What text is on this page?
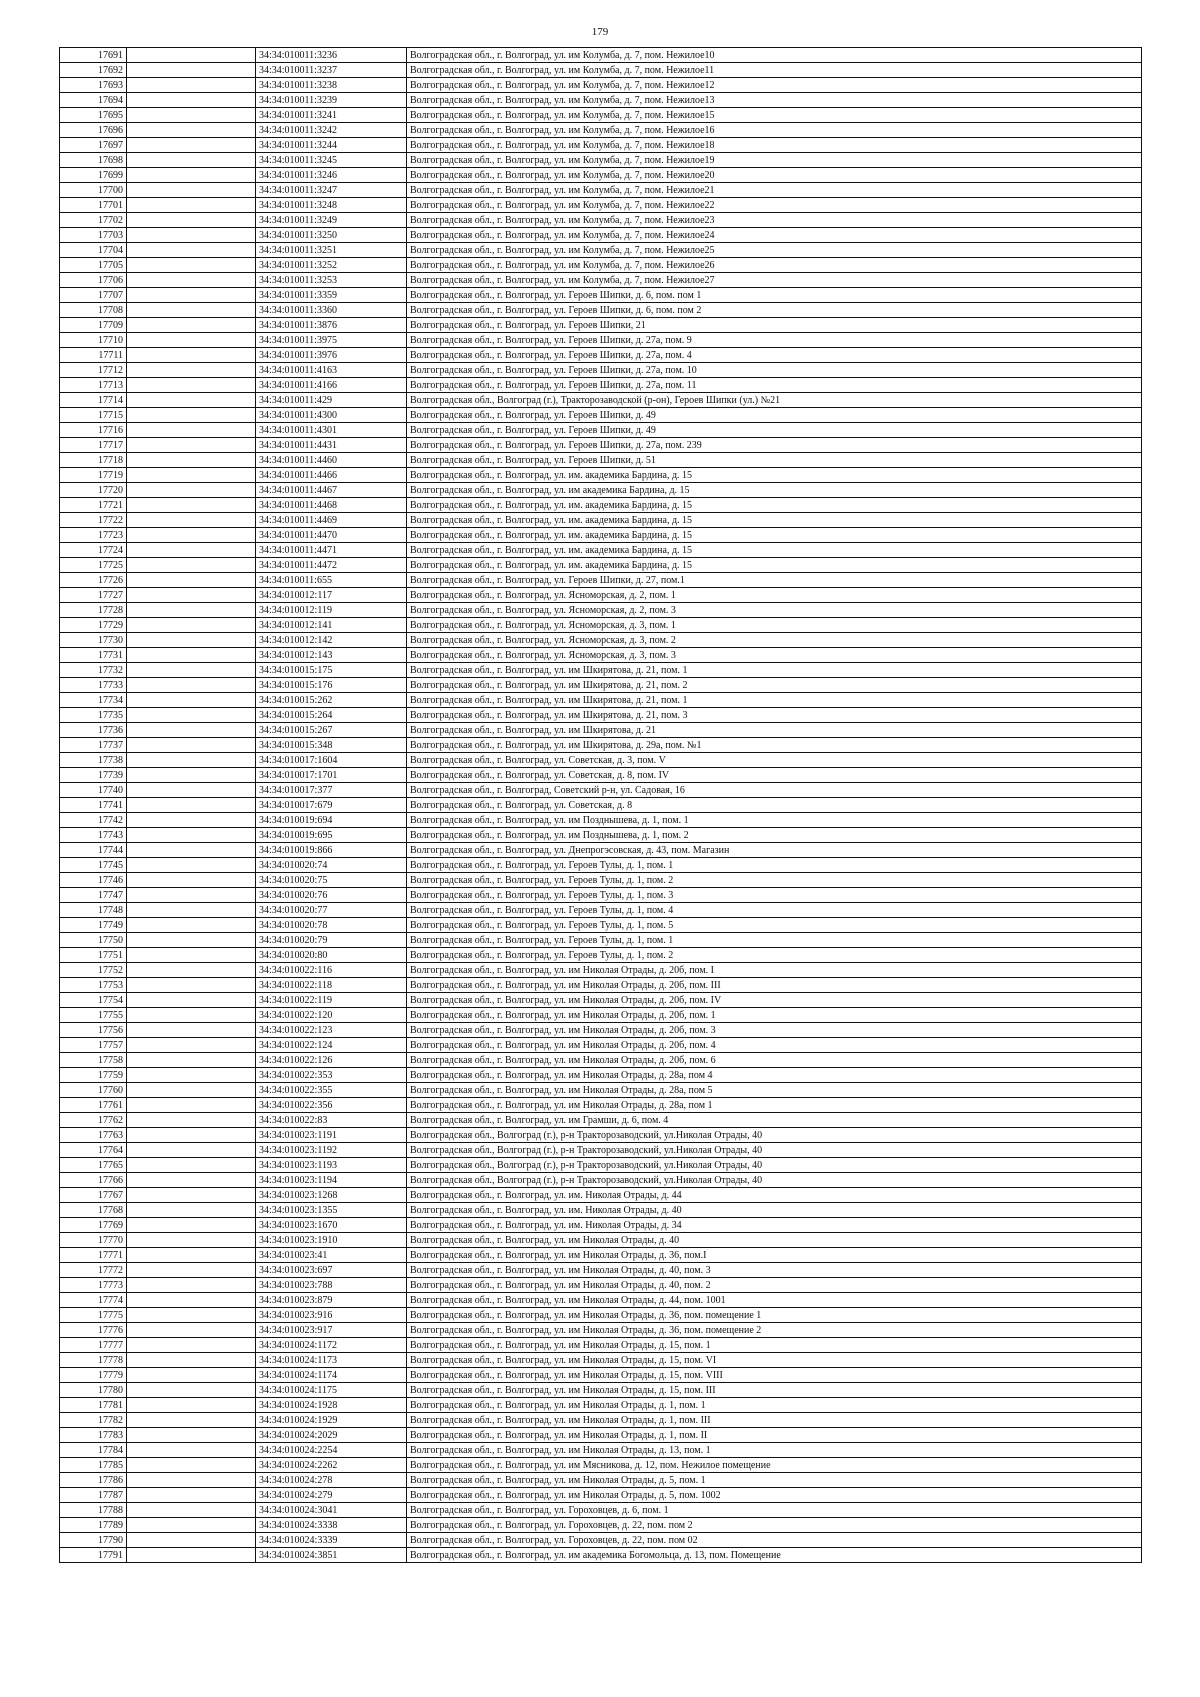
179
17691		34:34:010011:3236	Волгоградская обл., г. Волгоград, ул. им Колумба, д. 7, пом. Нежилое10
17692		34:34:010011:3237	Волгоградская обл., г. Волгоград, ул. им Колумба, д. 7, пом. Нежилое11
17693		34:34:010011:3238	Волгоградская обл., г. Волгоград, ул. им Колумба, д. 7, пом. Нежилое12
17694		34:34:010011:3239	Волгоградская обл., г. Волгоград, ул. им Колумба, д. 7, пом. Нежилое13
17695		34:34:010011:3241	Волгоградская обл., г. Волгоград, ул. им Колумба, д. 7, пом. Нежилое15
17696		34:34:010011:3242	Волгоградская обл., г. Волгоград, ул. им Колумба, д. 7, пом. Нежилое16
17697		34:34:010011:3244	Волгоградская обл., г. Волгоград, ул. им Колумба, д. 7, пом. Нежилое18
17698		34:34:010011:3245	Волгоградская обл., г. Волгоград, ул. им Колумба, д. 7, пом. Нежилое19
17699		34:34:010011:3246	Волгоградская обл., г. Волгоград, ул. им Колумба, д. 7, пом. Нежилое20
17700		34:34:010011:3247	Волгоградская обл., г. Волгоград, ул. им Колумба, д. 7, пом. Нежилое21
17701		34:34:010011:3248	Волгоградская обл., г. Волгоград, ул. им Колумба, д. 7, пом. Нежилое22
17702		34:34:010011:3249	Волгоградская обл., г. Волгоград, ул. им Колумба, д. 7, пом. Нежилое23
17703		34:34:010011:3250	Волгоградская обл., г. Волгоград, ул. им Колумба, д. 7, пом. Нежилое24
17704		34:34:010011:3251	Волгоградская обл., г. Волгоград, ул. им Колумба, д. 7, пом. Нежилое25
17705		34:34:010011:3252	Волгоградская обл., г. Волгоград, ул. им Колумба, д. 7, пом. Нежилое26
17706		34:34:010011:3253	Волгоградская обл., г. Волгоград, ул. им Колумба, д. 7, пом. Нежилое27
17707		34:34:010011:3359	Волгоградская обл., г. Волгоград, ул. Героев Шипки, д. 6, пом. пом 1
17708		34:34:010011:3360	Волгоградская обл., г. Волгоград, ул. Героев Шипки, д. 6, пом. пом 2
17709		34:34:010011:3876	Волгоградская обл., г. Волгоград, ул. Героев Шипки, 21
17710		34:34:010011:3975	Волгоградская обл., г. Волгоград, ул. Героев Шипки, д. 27а, пом. 9
17711		34:34:010011:3976	Волгоградская обл., г. Волгоград, ул. Героев Шипки, д. 27а, пом. 4
17712		34:34:010011:4163	Волгоградская обл., г. Волгоград, ул. Героев Шипки, д. 27а, пом. 10
17713		34:34:010011:4166	Волгоградская обл., г. Волгоград, ул. Героев Шипки, д. 27а, пом. 11
17714		34:34:010011:429	Волгоградская обл., Волгоград (г.), Тракторозаводской (р-он), Героев Шипки (ул.) №21
17715		34:34:010011:4300	Волгоградская обл., г. Волгоград, ул. Героев Шипки, д. 49
17716		34:34:010011:4301	Волгоградская обл., г. Волгоград, ул. Героев Шипки, д. 49
17717		34:34:010011:4431	Волгоградская обл., г. Волгоград, ул. Героев Шипки, д. 27а, пом. 239
17718		34:34:010011:4460	Волгоградская обл., г. Волгоград, ул. Героев Шипки, д. 51
17719		34:34:010011:4466	Волгоградская обл., г. Волгоград, ул. им. академика Бардина, д. 15
17720		34:34:010011:4467	Волгоградская обл., г. Волгоград, ул. им академика Бардина, д. 15
17721		34:34:010011:4468	Волгоградская обл., г. Волгоград, ул. им. академика Бардина, д. 15
17722		34:34:010011:4469	Волгоградская обл., г. Волгоград, ул. им. академика Бардина, д. 15
17723		34:34:010011:4470	Волгоградская обл., г. Волгоград, ул. им. академика Бардина, д. 15
17724		34:34:010011:4471	Волгоградская обл., г. Волгоград, ул. им. академика Бардина, д. 15
17725		34:34:010011:4472	Волгоградская обл., г. Волгоград, ул. им. академика Бардина, д. 15
17726		34:34:010011:655	Волгоградская обл., г. Волгоград, ул. Героев Шипки, д. 27, пом.1
17727		34:34:010012:117	Волгоградская обл., г. Волгоград, ул. Ясноморская, д. 2, пом. 1
17728		34:34:010012:119	Волгоградская обл., г. Волгоград, ул. Ясноморская, д. 2, пом. 3
17729		34:34:010012:141	Волгоградская обл., г. Волгоград, ул. Ясноморская, д. 3, пом. 1
17730		34:34:010012:142	Волгоградская обл., г. Волгоград, ул. Ясноморская, д. 3, пом. 2
17731		34:34:010012:143	Волгоградская обл., г. Волгоград, ул. Ясноморская, д. 3, пом. 3
17732		34:34:010015:175	Волгоградская обл., г. Волгоград, ул. им Шкирятова, д. 21, пом. 1
17733		34:34:010015:176	Волгоградская обл., г. Волгоград, ул. им Шкирятова, д. 21, пом. 2
17734		34:34:010015:262	Волгоградская обл., г. Волгоград, ул. им Шкирятова, д. 21, пом. 1
17735		34:34:010015:264	Волгоградская обл., г. Волгоград, ул. им Шкирятова, д. 21, пом. 3
17736		34:34:010015:267	Волгоградская обл., г. Волгоград, ул. им Шкирятова, д. 21
17737		34:34:010015:348	Волгоградская обл., г. Волгоград, ул. им Шкирятова, д. 29а, пом. №1
17738		34:34:010017:1604	Волгоградская обл., г. Волгоград, ул. Советская, д. 3, пом. V
17739		34:34:010017:1701	Волгоградская обл., г. Волгоград, ул. Советская, д. 8, пом. IV
17740		34:34:010017:377	Волгоградская обл., г. Волгоград, Советский р-н, ул. Садовая, 16
17741		34:34:010017:679	Волгоградская обл., г. Волгоград, ул. Советская, д. 8
17742		34:34:010019:694	Волгоградская обл., г. Волгоград, ул. им Позднышева, д. 1, пом. 1
17743		34:34:010019:695	Волгоградская обл., г. Волгоград, ул. им Позднышева, д. 1, пом. 2
17744		34:34:010019:866	Волгоградская обл., г. Волгоград, ул. Днепрогэсовская, д. 43, пом. Магазин
17745		34:34:010020:74	Волгоградская обл., г. Волгоград, ул. Героев Тулы, д. 1, пом. 1
17746		34:34:010020:75	Волгоградская обл., г. Волгоград, ул. Героев Тулы, д. 1, пом. 2
17747		34:34:010020:76	Волгоградская обл., г. Волгоград, ул. Героев Тулы, д. 1, пом. 3
17748		34:34:010020:77	Волгоградская обл., г. Волгоград, ул. Героев Тулы, д. 1, пом. 4
17749		34:34:010020:78	Волгоградская обл., г. Волгоград, ул. Героев Тулы, д. 1, пом. 5
17750		34:34:010020:79	Волгоградская обл., г. Волгоград, ул. Героев Тулы, д. 1, пом. 1
17751		34:34:010020:80	Волгоградская обл., г. Волгоград, ул. Героев Тулы, д. 1, пом. 2
17752		34:34:010022:116	Волгоградская обл., г. Волгоград, ул. им Николая Отрады, д. 20б, пом. I
17753		34:34:010022:118	Волгоградская обл., г. Волгоград, ул. им Николая Отрады, д. 20б, пом. III
17754		34:34:010022:119	Волгоградская обл., г. Волгоград, ул. им Николая Отрады, д. 20б, пом. IV
17755		34:34:010022:120	Волгоградская обл., г. Волгоград, ул. им Николая Отрады, д. 20б, пом. 1
17756		34:34:010022:123	Волгоградская обл., г. Волгоград, ул. им Николая Отрады, д. 20б, пом. 3
17757		34:34:010022:124	Волгоградская обл., г. Волгоград, ул. им Николая Отрады, д. 20б, пом. 4
17758		34:34:010022:126	Волгоградская обл., г. Волгоград, ул. им Николая Отрады, д. 20б, пом. 6
17759		34:34:010022:353	Волгоградская обл., г. Волгоград, ул. им Николая Отрады, д. 28а, пом 4
17760		34:34:010022:355	Волгоградская обл., г. Волгоград, ул. им Николая Отрады, д. 28а, пом 5
17761		34:34:010022:356	Волгоградская обл., г. Волгоград, ул. им Николая Отрады, д. 28а, пом 1
17762		34:34:010022:83	Волгоградская обл., г. Волгоград, ул. им Грамши, д. 6, пом. 4
17763		34:34:010023:1191	Волгоградская обл., Волгоград (г.), р-н Тракторозаводский, ул.Николая Отрады, 40
17764		34:34:010023:1192	Волгоградская обл., Волгоград (г.), р-н Тракторозаводский, ул.Николая Отрады, 40
17765		34:34:010023:1193	Волгоградская обл., Волгоград (г.), р-н Тракторозаводский, ул.Николая Отрады, 40
17766		34:34:010023:1194	Волгоградская обл., Волгоград (г.), р-н Тракторозаводский, ул.Николая Отрады, 40
17767		34:34:010023:1268	Волгоградская обл., г. Волгоград, ул. им. Николая Отрады, д. 44
17768		34:34:010023:1355	Волгоградская обл., г. Волгоград, ул. им. Николая Отрады, д. 40
17769		34:34:010023:1670	Волгоградская обл., г. Волгоград, ул. им. Николая Отрады, д. 34
17770		34:34:010023:1910	Волгоградская обл., г. Волгоград, ул. им Николая Отрады, д. 40
17771		34:34:010023:41	Волгоградская обл., г. Волгоград, ул. им Николая Отрады, д. 36, пом.I
17772		34:34:010023:697	Волгоградская обл., г. Волгоград, ул. им Николая Отрады, д. 40, пом. 3
17773		34:34:010023:788	Волгоградская обл., г. Волгоград, ул. им Николая Отрады, д. 40, пом. 2
17774		34:34:010023:879	Волгоградская обл., г. Волгоград, ул. им Николая Отрады, д. 44, пом. 1001
17775		34:34:010023:916	Волгоградская обл., г. Волгоград, ул. им Николая Отрады, д. 36, пом. помещение 1
17776		34:34:010023:917	Волгоградская обл., г. Волгоград, ул. им Николая Отрады, д. 36, пом. помещение 2
17777		34:34:010024:1172	Волгоградская обл., г. Волгоград, ул. им Николая Отрады, д. 15, пом. 1
17778		34:34:010024:1173	Волгоградская обл., г. Волгоград, ул. им Николая Отрады, д. 15, пом. VI
17779		34:34:010024:1174	Волгоградская обл., г. Волгоград, ул. им Николая Отрады, д. 15, пом. VIII
17780		34:34:010024:1175	Волгоградская обл., г. Волгоград, ул. им Николая Отрады, д. 15, пом. III
17781		34:34:010024:1928	Волгоградская обл., г. Волгоград, ул. им Николая Отрады, д. 1, пом. 1
17782		34:34:010024:1929	Волгоградская обл., г. Волгоград, ул. им Николая Отрады, д. 1, пом. III
17783		34:34:010024:2029	Волгоградская обл., г. Волгоград, ул. им Николая Отрады, д. 1, пом. II
17784		34:34:010024:2254	Волгоградская обл., г. Волгоград, ул. им Николая Отрады, д. 13, пом. 1
17785		34:34:010024:2262	Волгоградская обл., г. Волгоград, ул. им Мясникова, д. 12, пом. Нежилое помещение
17786		34:34:010024:278	Волгоградская обл., г. Волгоград, ул. им Николая Отрады, д. 5, пом. 1
17787		34:34:010024:279	Волгоградская обл., г. Волгоград, ул. им Николая Отрады, д. 5, пом. 1002
17788		34:34:010024:3041	Волгоградская обл., г. Волгоград, ул. Гороховцев, д. 6, пом. 1
17789		34:34:010024:3338	Волгоградская обл., г. Волгоград, ул. Гороховцев, д. 22, пом. пом 2
17790		34:34:010024:3339	Волгоградская обл., г. Волгоград, ул. Гороховцев, д. 22, пом. пом 02
17791		34:34:010024:3851	Волгоградская обл., г. Волгоград, ул. им академика Богомольца, д. 13, пом. Помещение
